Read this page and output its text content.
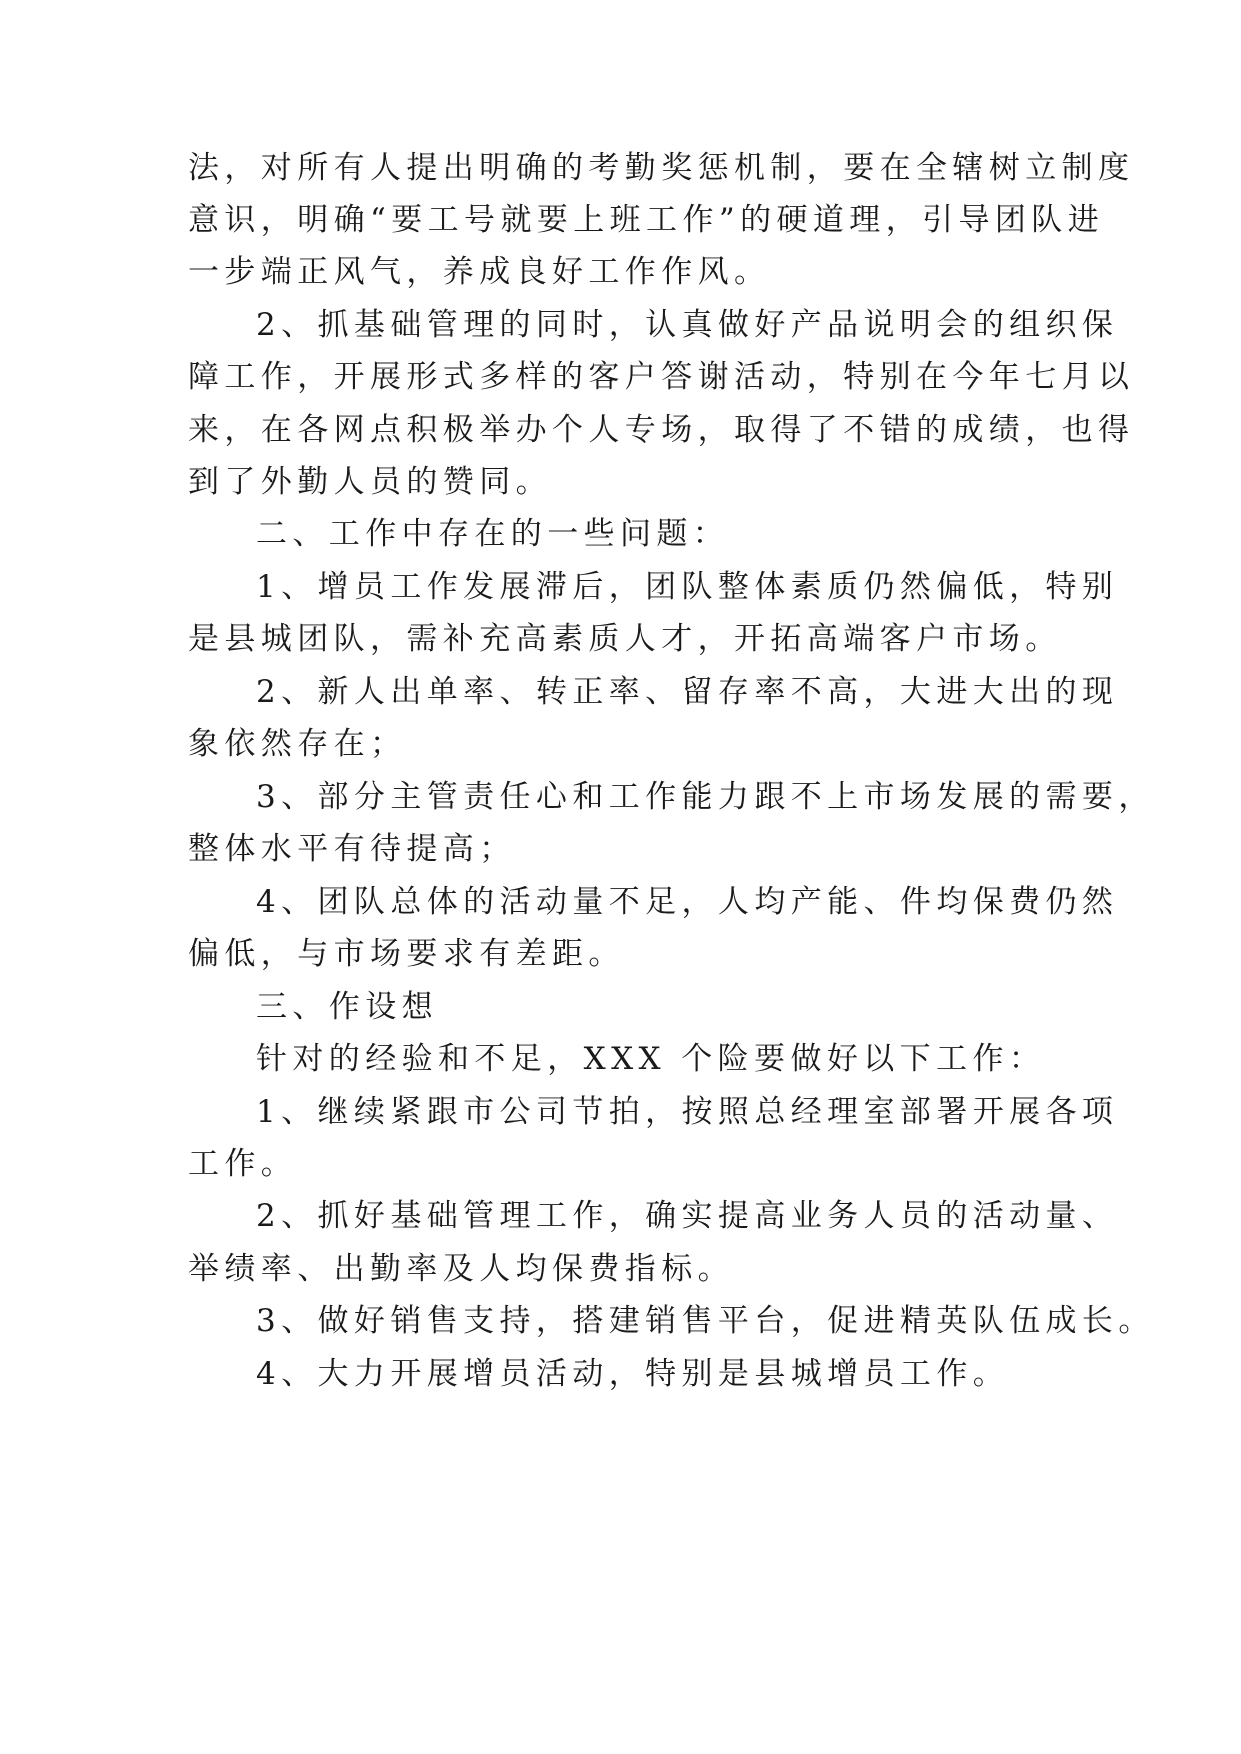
法，对所有人提出明确的考勤奖惩机制，要在全辖树立制度
意识，明确“要工号就要上班工作”的硬道理，引导团队进
一步端正风气，养成良好工作作风。
2、抓基础管理的同时，认真做好产品说明会的组织保
障工作，开展形式多样的客户答谢活动，特别在今年七月以
来，在各网点积极举办个人专场，取得了不错的成绩，也得
到了外勤人员的赞同。
二、工作中存在的一些问题：
1、增员工作发展滞后，团队整体素质仍然偏低，特别
是县城团队，需补充高素质人才，开拓高端客户市场。
2、新人出单率、转正率、留存率不高，大进大出的现
象依然存在；
3、部分主管责任心和工作能力跟不上市场发展的需要，
整体水平有待提高；
4、团队总体的活动量不足，人均产能、件均保费仍然
偏低，与市场要求有差距。
三、作设想
针对的经验和不足，XXX 个险要做好以下工作：
1、继续紧跟市公司节拍，按照总经理室部署开展各项
工作。
2、抓好基础管理工作，确实提高业务人员的活动量、
举绩率、出勤率及人均保费指标。
3、做好销售支持，搭建销售平台，促进精英队伍成长。
4、大力开展增员活动，特别是县城增员工作。
